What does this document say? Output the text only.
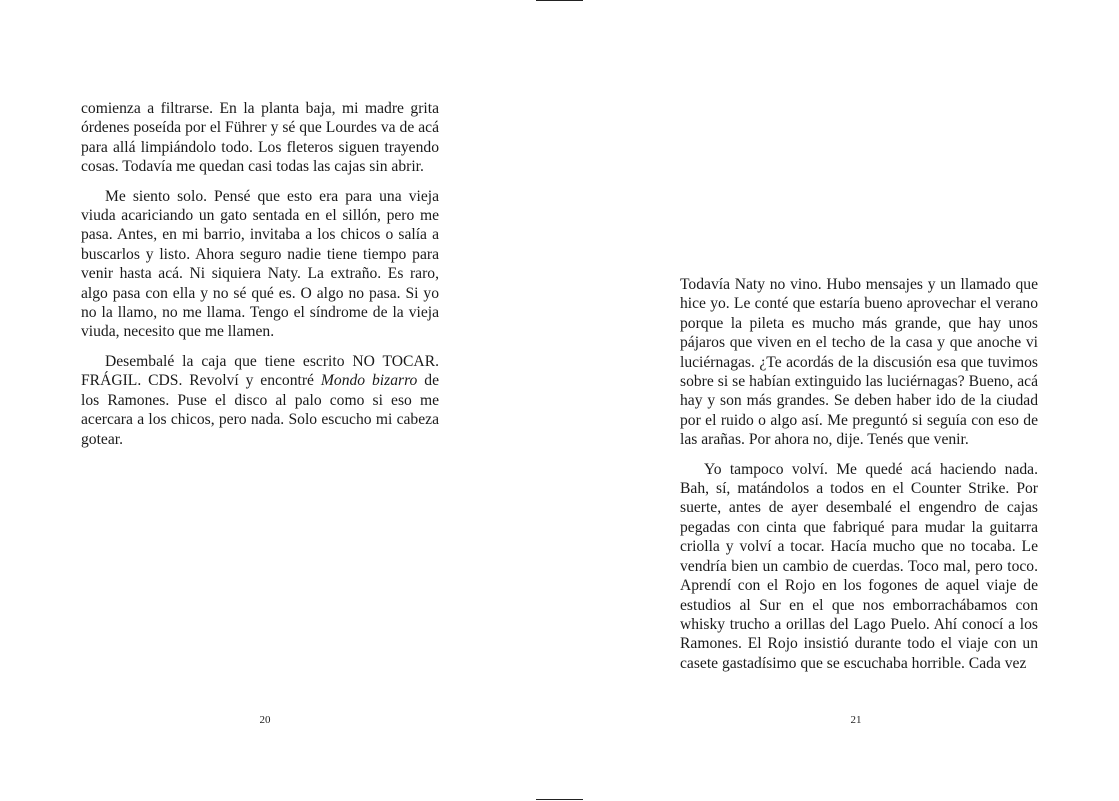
comienza a filtrarse. En la planta baja, mi madre grita órdenes poseída por el Führer y sé que Lourdes va de acá para allá limpiándolo todo. Los fleteros siguen trayendo cosas. Todavía me quedan casi todas las cajas sin abrir.

Me siento solo. Pensé que esto era para una vieja viuda acariciando un gato sentada en el sillón, pero me pasa. Antes, en mi barrio, invitaba a los chicos o salía a buscarlos y listo. Ahora seguro nadie tiene tiempo para venir hasta acá. Ni siquiera Naty. La extraño. Es raro, algo pasa con ella y no sé qué es. O algo no pasa. Si yo no la llamo, no me llama. Tengo el síndrome de la vieja viuda, necesito que me llamen.

Desembalé la caja que tiene escrito NO TOCAR. FRÁGIL. CDS. Revolví y encontré Mondo bizarro de los Ramones. Puse el disco al palo como si eso me acercara a los chicos, pero nada. Solo escucho mi cabeza gotear.

20

Todavía Naty no vino. Hubo mensajes y un llamado que hice yo. Le conté que estaría bueno aprovechar el verano porque la pileta es mucho más grande, que hay unos pájaros que viven en el techo de la casa y que anoche vi luciérnagas. ¿Te acordás de la discusión esa que tuvimos sobre si se habían extinguido las luciérnagas? Bueno, acá hay y son más grandes. Se deben haber ido de la ciudad por el ruido o algo así. Me preguntó si seguía con eso de las arañas. Por ahora no, dije. Tenés que venir.

Yo tampoco volví. Me quedé acá haciendo nada. Bah, sí, matándolos a todos en el Counter Strike. Por suerte, antes de ayer desembalé el engendro de cajas pegadas con cinta que fabriqué para mudar la guitarra criolla y volví a tocar. Hacía mucho que no tocaba. Le vendría bien un cambio de cuerdas. Toco mal, pero toco. Aprendí con el Rojo en los fogones de aquel viaje de estudios al Sur en el que nos emborrachábamos con whisky trucho a orillas del Lago Puelo. Ahí conocí a los Ramones. El Rojo insistió durante todo el viaje con un casete gastadísimo que se escuchaba horrible. Cada vez

21
